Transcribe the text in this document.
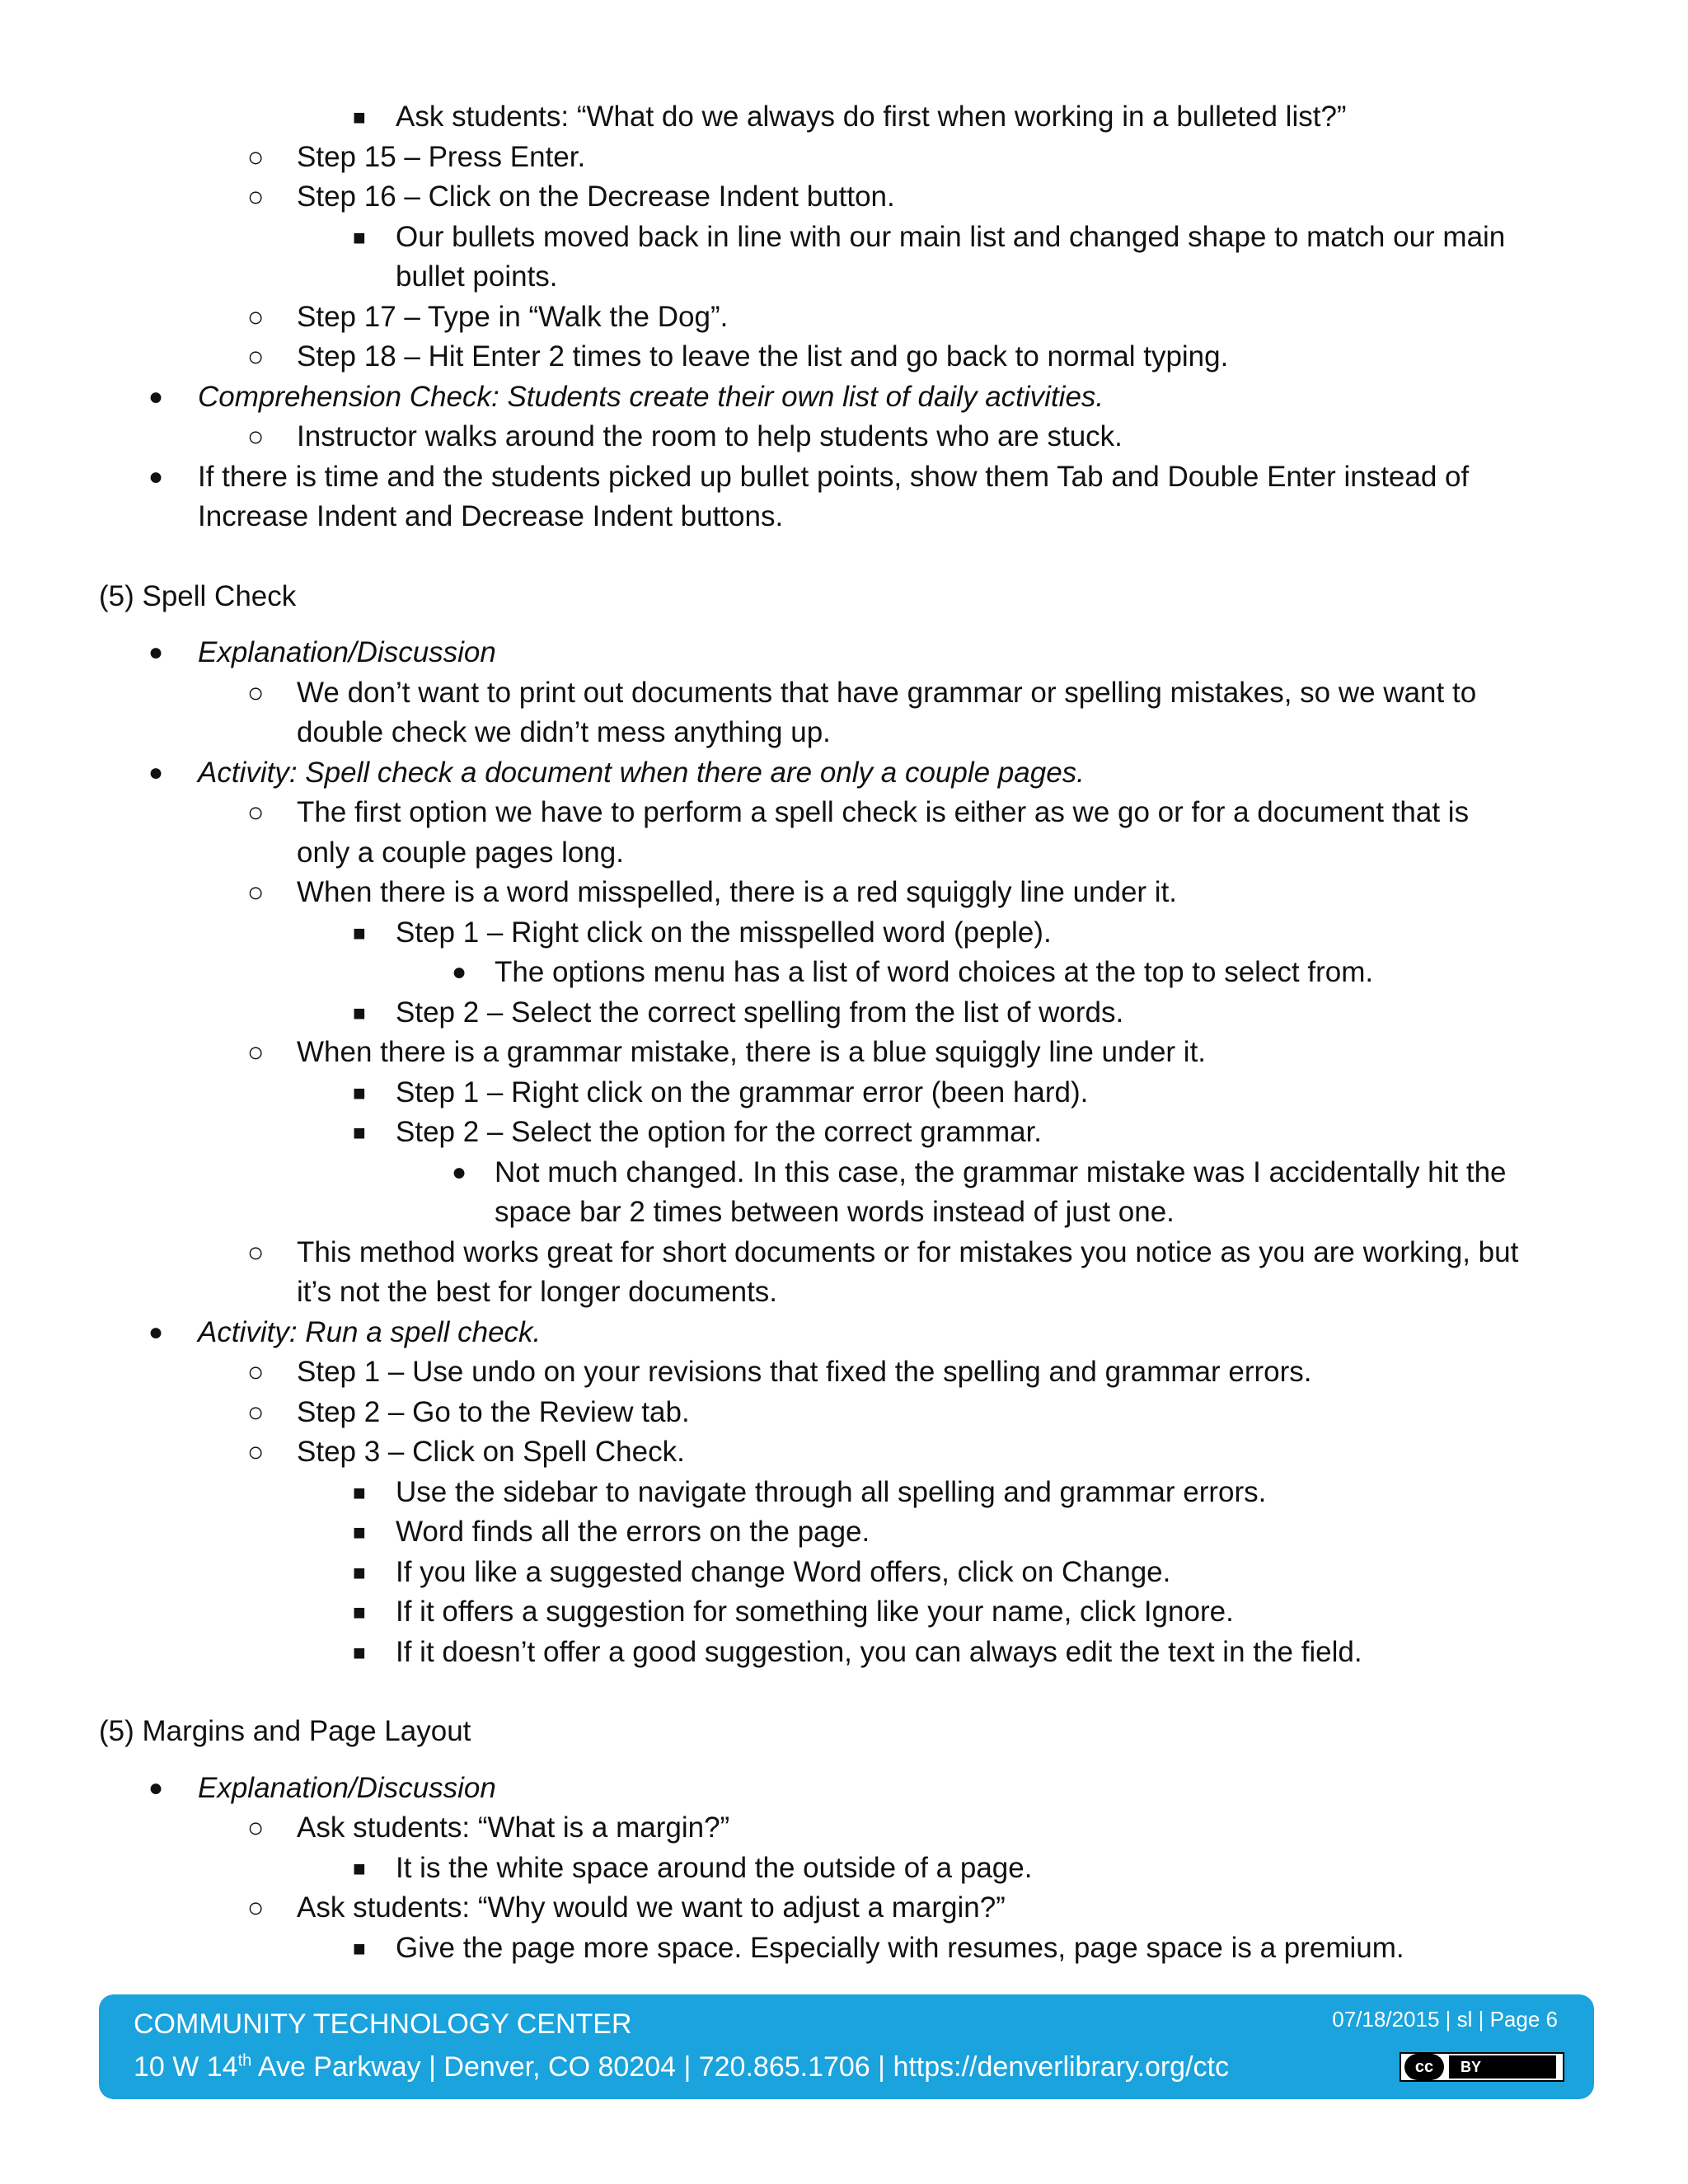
■ Ask students: “What do we always do first when working in a bulleted list?”
○ Step 15 – Press Enter.
○ Step 16 – Click on the Decrease Indent button.
■ Our bullets moved back in line with our main list and changed shape to match our main
bullet points.
○ Step 17 – Type in “Walk the Dog”.
○ Step 18 – Hit Enter 2 times to leave the list and go back to normal typing.
● Comprehension Check: Students create their own list of daily activities.
○ Instructor walks around the room to help students who are stuck.
● If there is time and the students picked up bullet points, show them Tab and Double Enter instead of
Increase Indent and Decrease Indent buttons.
(5) Spell Check
● Explanation/Discussion
○ We don’t want to print out documents that have grammar or spelling mistakes, so we want to
double check we didn’t mess anything up.
● Activity: Spell check a document when there are only a couple pages.
○ The first option we have to perform a spell check is either as we go or for a document that is
only a couple pages long.
○ When there is a word misspelled, there is a red squiggly line under it.
■ Step 1 – Right click on the misspelled word (peple).
● The options menu has a list of word choices at the top to select from.
■ Step 2 – Select the correct spelling from the list of words.
○ When there is a grammar mistake, there is a blue squiggly line under it.
■ Step 1 – Right click on the grammar error (been hard).
■ Step 2 – Select the option for the correct grammar.
● Not much changed. In this case, the grammar mistake was I accidentally hit the
space bar 2 times between words instead of just one.
○ This method works great for short documents or for mistakes you notice as you are working, but
it’s not the best for longer documents.
● Activity: Run a spell check.
○ Step 1 – Use undo on your revisions that fixed the spelling and grammar errors.
○ Step 2 – Go to the Review tab.
○ Step 3 – Click on Spell Check.
■ Use the sidebar to navigate through all spelling and grammar errors.
■ Word finds all the errors on the page.
■ If you like a suggested change Word offers, click on Change.
■ If it offers a suggestion for something like your name, click Ignore.
■ If it doesn’t offer a good suggestion, you can always edit the text in the field.
(5) Margins and Page Layout
● Explanation/Discussion
○ Ask students: “What is a margin?”
■ It is the white space around the outside of a page.
○ Ask students: “Why would we want to adjust a margin?”
■ Give the page more space. Especially with resumes, page space is a premium.
COMMUNITY TECHNOLOGY CENTER
10 W 14th Ave Parkway | Denver, CO 80204 | 720.865.1706 | https://denverlibrary.org/ctc
07/18/2015 | sl | Page 6
cc	BY
